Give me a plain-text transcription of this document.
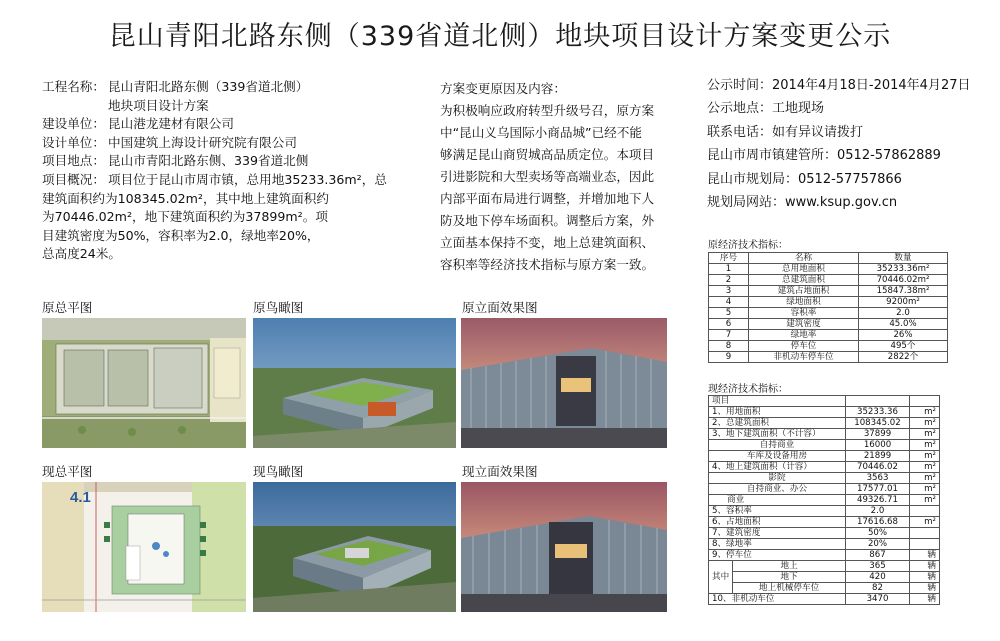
昆山青阳北路东侧（339省道北侧）地块项目设计方案变更公示
工程名称： 昆山青阳北路东侧（339省道北侧）
地块项目设计方案
建设单位： 昆山港龙建材有限公司
设计单位： 中国建筑上海设计研究院有限公司
项目地点： 昆山市青阳北路东侧、339省道北侧
项目概况： 项目位于昆山市周市镇，总用地35233.36m²，总
建筑面积约为108345.02m²，其中地上建筑面积约
为70446.02m²，地下建筑面积约为37899m²。项
目建筑密度为50%，容积率为2.0，绿地率20%，
总高度24米。
方案变更原因及内容：
为积极响应政府转型升级号召，原方案
中“昆山义乌国际小商品城”已经不能
够满足昆山商贸城高品质定位。本项目
引进影院和大型卖场等高端业态，因此
内部平面布局进行调整，并增加地下人
防及地下停车场面积。调整后方案，外
立面基本保持不变，地上总建筑面积、
容积率等经济技术指标与原方案一致。
公示时间：2014年4月18日-2014年4月27日
公示地点：工地现场
联系电话：如有异议请拨打
昆山市周市镇建管所：0512-57862889
昆山市规划局：0512-57757866
规划局网站：www.ksup.gov.cn
原总平图	原鸟瞰图	原立面效果图
现总平图	现鸟瞰图	现立面效果图
4.1
原经济技术指标：
序号	名称	数量
1	总用地面积	35233.36m²
2	总建筑面积	70446.02m²
3	建筑占地面积	15847.38m²
4	绿地面积	9200m²
5	容积率	2.0
6	建筑密度	45.0%
7	绿地率	26%
8	停车位	495个
9	非机动车停车位	2822个
现经济技术指标：
项目			
1、用地面积		35233.36	m²
2、总建筑面积		108345.02	m²
3、地下建筑面积（不计容）		37899	m²
自持商业		16000	m²
车库及设备用房		21899	m²
4、地上建筑面积（计容）		70446.02	m²
影院		3563	m²
自持商业、办公		17577.01	m²
商业		49326.71	m²
5、容积率		2.0	
6、占地面积		17616.68	m²
7、建筑密度		50%	
8、绿地率		20%	
9、停车位		867	辆
其中	地上	365	辆
	地下	420	辆
	地上机械停车位	82	辆
10、非机动车位		3470	辆
